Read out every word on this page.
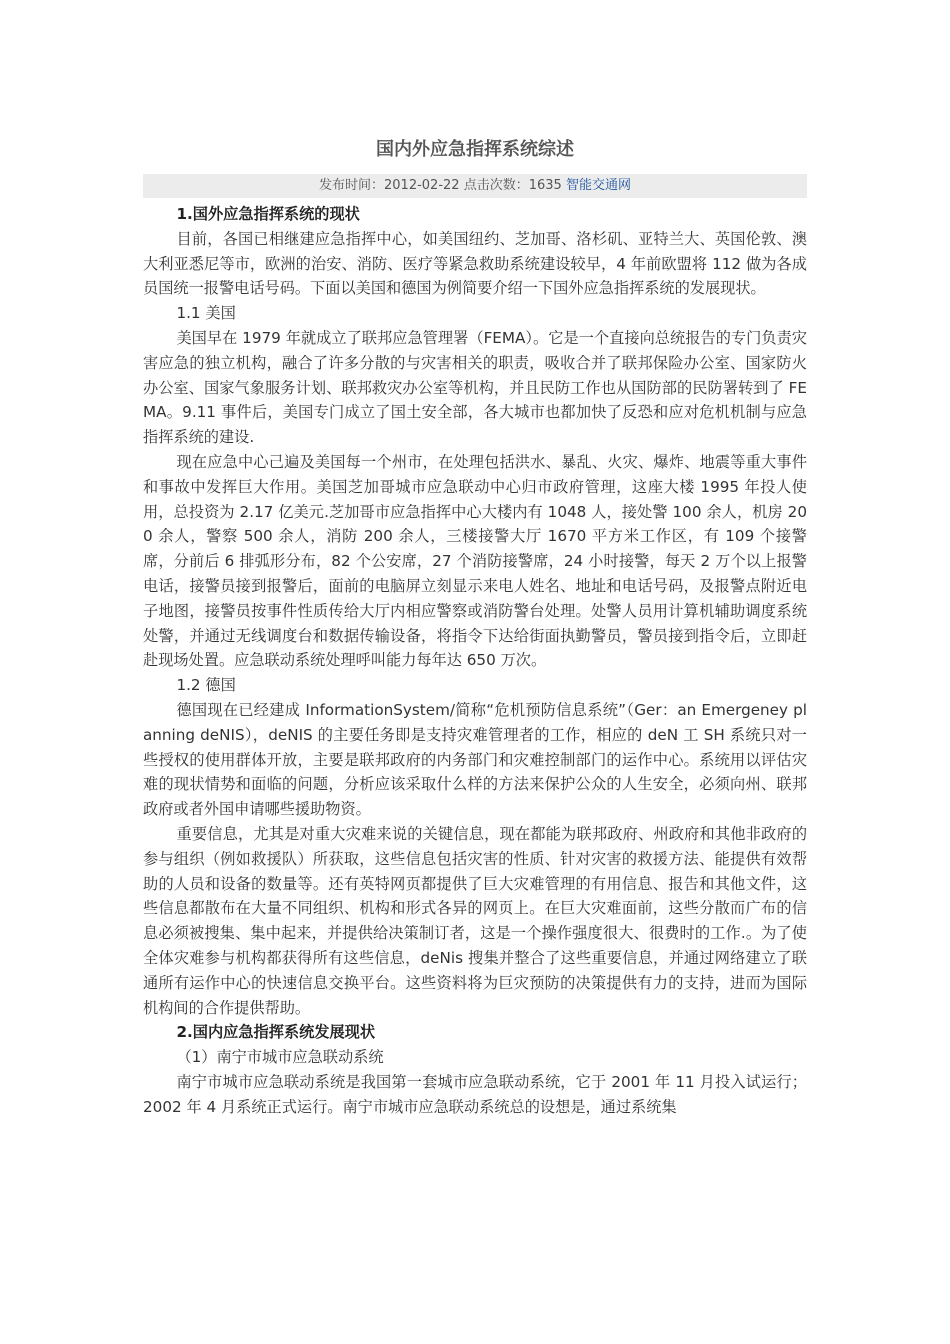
国内外应急指挥系统综述
发布时间：2012-02-22 点击次数：1635 智能交通网

1.国外应急指挥系统的现状

目前，各国已相继建应急指挥中心，如美国纽约、芝加哥、洛杉矶、亚特兰大、英国伦敦、澳大利亚悉尼等市，欧洲的治安、消防、医疗等紧急救助系统建设较早，4 年前欧盟将 112 做为各成员国统一报警电话号码。下面以美国和德国为例简要介绍一下国外应急指挥系统的发展现状。

1.1 美国

美国早在 1979 年就成立了联邦应急管理署（FEMA）。它是一个直接向总统报告的专门负责灾害应急的独立机构，融合了许多分散的与灾害相关的职责，吸收合并了联邦保险办公室、国家防火办公室、国家气象服务计划、联邦救灾办公室等机构，并且民防工作也从国防部的民防署转到了 FEMA。9.11 事件后，美国专门成立了国土安全部，各大城市也都加快了反恐和应对危机机制与应急指挥系统的建设.

现在应急中心己遍及美国每一个州市，在处理包括洪水、暴乱、火灾、爆炸、地震等重大事件和事故中发挥巨大作用。美国芝加哥城市应急联动中心归市政府管理，这座大楼 1995 年投人使用，总投资为 2.17 亿美元.芝加哥市应急指挥中心大楼内有 1048 人，接处警 100 余人，机房 200 余人，警察 500 余人，消防 200 余人，三楼接警大厅 1670 平方米工作区，有 109 个接警席，分前后 6 排弧形分布，82 个公安席，27 个消防接警席，24 小时接警，每天 2 万个以上报警电话，接警员接到报警后，面前的电脑屏立刻显示来电人姓名、地址和电话号码，及报警点附近电子地图，接警员按事件性质传给大厅内相应警察或消防警台处理。处警人员用计算机辅助调度系统处警，并通过无线调度台和数据传输设备，将指令下达给街面执勤警员，警员接到指令后，立即赶赴现场处置。应急联动系统处理呼叫能力每年达 650 万次。

1.2 德国

德国现在已经建成 InformationSystem/简称“危机预防信息系统”（Ger：an Emergeney planning deNIS），deNIS 的主要任务即是支持灾难管理者的工作，相应的 deN 工 SH 系统只对一些授权的使用群体开放，主要是联邦政府的内务部门和灾难控制部门的运作中心。系统用以评估灾难的现状情势和面临的问题，分析应该采取什么样的方法来保护公众的人生安全，必须向州、联邦政府或者外国申请哪些援助物资。

重要信息，尤其是对重大灾难来说的关键信息，现在都能为联邦政府、州政府和其他非政府的参与组织（例如救援队）所获取，这些信息包括灾害的性质、针对灾害的救援方法、能提供有效帮助的人员和设备的数量等。还有英特网页都提供了巨大灾难管理的有用信息、报告和其他文件，这些信息都散布在大量不同组织、机构和形式各异的网页上。在巨大灾难面前，这些分散而广布的信息必须被搜集、集中起来，并提供给决策制订者，这是一个操作强度很大、很费时的工作.。为了使全体灾难参与机构都获得所有这些信息，deNis 搜集并整合了这些重要信息，并通过网络建立了联通所有运作中心的快速信息交换平台。这些资料将为巨灾预防的决策提供有力的支持，进而为国际机构间的合作提供帮助。

2.国内应急指挥系统发展现状

（1）南宁市城市应急联动系统

南宁市城市应急联动系统是我国第一套城市应急联动系统，它于 2001 年 11 月投入试运行；2002 年 4 月系统正式运行。南宁市城市应急联动系统总的设想是，通过系统集
